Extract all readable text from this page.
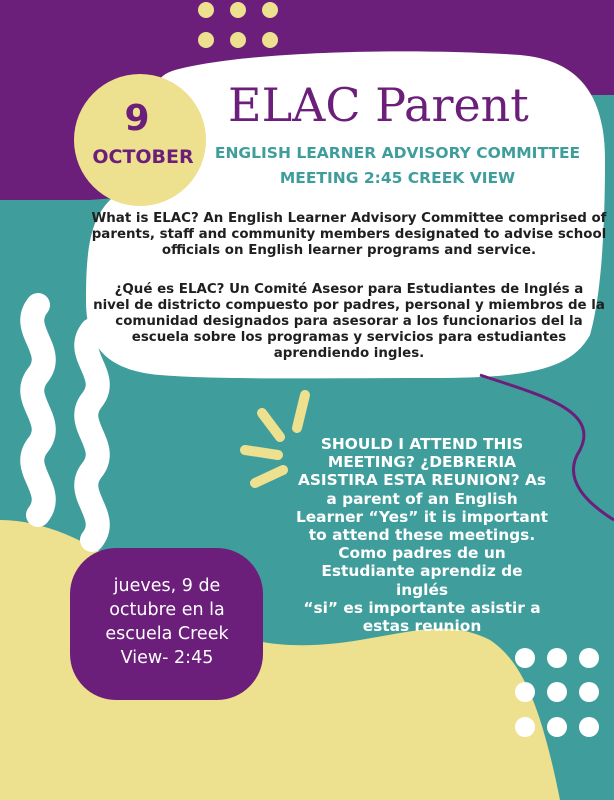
9
OCTOBER
ELAC Parent
ENGLISH LEARNER ADVISORY COMMITTEE
MEETING 2:45 CREEK VIEW
What is ELAC? An English Learner Advisory Committee comprised of
parents, staff and community members designated to advise school
officials on English learner programs and service.
¿Qué es ELAC? Un Comité Asesor para Estudiantes de Inglés a
nivel de districto compuesto por padres, personal y miembros de la
comunidad designados para asesorar a los funcionarios del la
escuela sobre los programas y servicios para estudiantes
aprendiendo ingles.
SHOULD I ATTEND THIS
MEETING? ¿DEBRERIA
ASISTIRA ESTA REUNION? As
a parent of an English
Learner “Yes” it is important
to attend these meetings.
Como padres de un
Estudiante aprendiz de inglés
“si” es importante asistir a
estas reunion
jueves, 9 de
octubre en la
escuela Creek
View- 2:45
